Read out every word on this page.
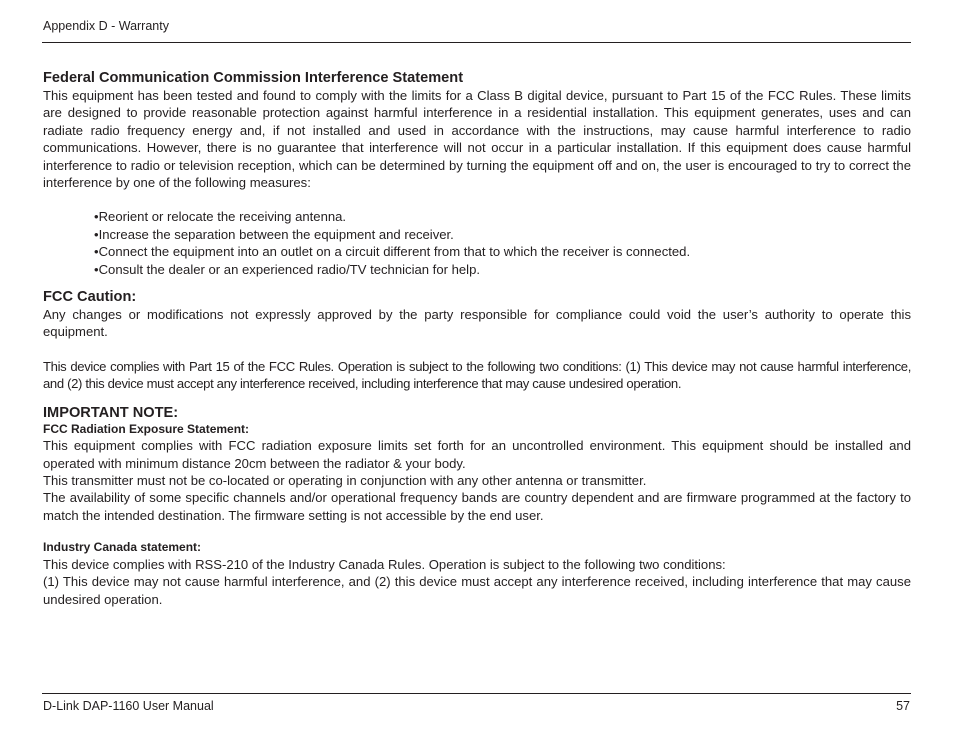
Appendix D - Warranty
Federal Communication Commission Interference Statement

This equipment has been tested and found to comply with the limits for a Class B digital device, pursuant to Part 15 of the FCC Rules. These limits are designed to provide reasonable protection against harmful interference in a residential installation. This equipment generates, uses and can radiate radio frequency energy and, if not installed and used in accordance with the instructions, may cause harmful interference to radio communications. However, there is no guarantee that interference will not occur in a particular installation. If this equipment does cause harmful interference to radio or television reception, which can be determined by turning the equipment off and on, the user is encouraged to try to correct the interference by one of the following measures:

• Reorient or relocate the receiving antenna.
• Increase the separation between the equipment and receiver.
• Connect the equipment into an outlet on a circuit different from that to which the receiver is connected.
• Consult the dealer or an experienced radio/TV technician for help.
FCC Caution:

Any changes or modifications not expressly approved by the party responsible for compliance could void the user’s authority to operate this equipment.

This device complies with Part 15 of the FCC Rules. Operation is subject to the following two conditions: (1) This device may not cause harmful interference, and (2) this device must accept any interference received, including interference that may cause undesired operation.

IMPORTANT NOTE:
FCC Radiation Exposure Statement:

This equipment complies with FCC radiation exposure limits set forth for an uncontrolled environment. This equipment should be installed and operated with minimum distance 20cm between the radiator & your body.

This transmitter must not be co-located or operating in conjunction with any other antenna or transmitter.

The availability of some specific channels and/or operational frequency bands are country dependent and are firmware programmed at the factory to match the intended destination. The firmware setting is not accessible by the end user.

Industry Canada statement:

This device complies with RSS-210 of the Industry Canada Rules. Operation is subject to the following two conditions:

(1) This device may not cause harmful interference, and (2) this device must accept any interference received, including interference that may cause undesired operation.

D-Link DAP-1160 User Manual	57
